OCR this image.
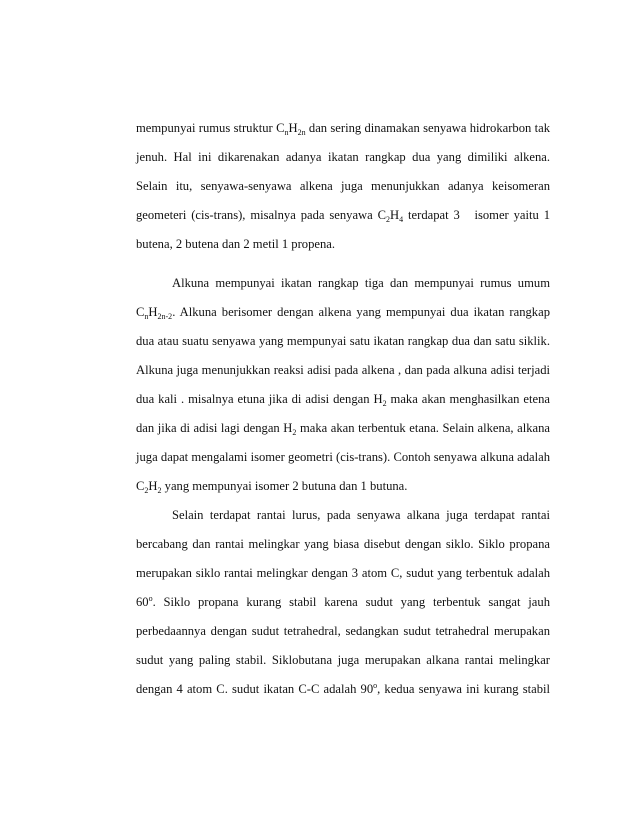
mempunyai rumus struktur $C_nH_{2n}$ dan sering dinamakan senyawa hidrokarbon tak
jenuh. Hal ini dikarenakan adanya ikatan rangkap dua yang dimiliki alkena.
Selain itu, senyawa-senyawa alkena juga menunjukkan adanya keisomeran
geometeri (cis-trans), misalnya pada senyawa $C_2H_4$ terdapat 3   isomer yaitu 1
butena, 2 butena dan 2 metil 1 propena.
Alkuna mempunyai ikatan rangkap tiga dan mempunyai rumus umum
$C_nH_{2n-2}$. Alkuna berisomer dengan alkena yang mempunyai dua ikatan rangkap
dua atau suatu senyawa yang mempunyai satu ikatan rangkap dua dan satu siklik.
Alkuna juga menunjukkan reaksi adisi pada alkena , dan pada alkuna adisi terjadi
dua kali . misalnya etuna jika di adisi dengan $H_2$ maka akan menghasilkan etena
dan jika di adisi lagi dengan $H_2$ maka akan terbentuk etana. Selain alkena, alkana
juga dapat mengalami isomer geometri (cis-trans). Contoh senyawa alkuna adalah
$C_2H_2$ yang mempunyai isomer 2 butuna dan 1 butuna.
Selain terdapat rantai lurus, pada senyawa alkana juga terdapat rantai
bercabang dan rantai melingkar yang biasa disebut dengan siklo. Siklo propana
merupakan siklo rantai melingkar dengan 3 atom C, sudut yang terbentuk adalah
60$^o$. Siklo propana kurang stabil karena sudut yang terbentuk sangat jauh
perbedaannya dengan sudut tetrahedral, sedangkan sudut tetrahedral merupakan
sudut yang paling stabil. Siklobutana juga merupakan alkana rantai melingkar
dengan 4 atom C. sudut ikatan C-C adalah 90$^o$, kedua senyawa ini kurang stabil
